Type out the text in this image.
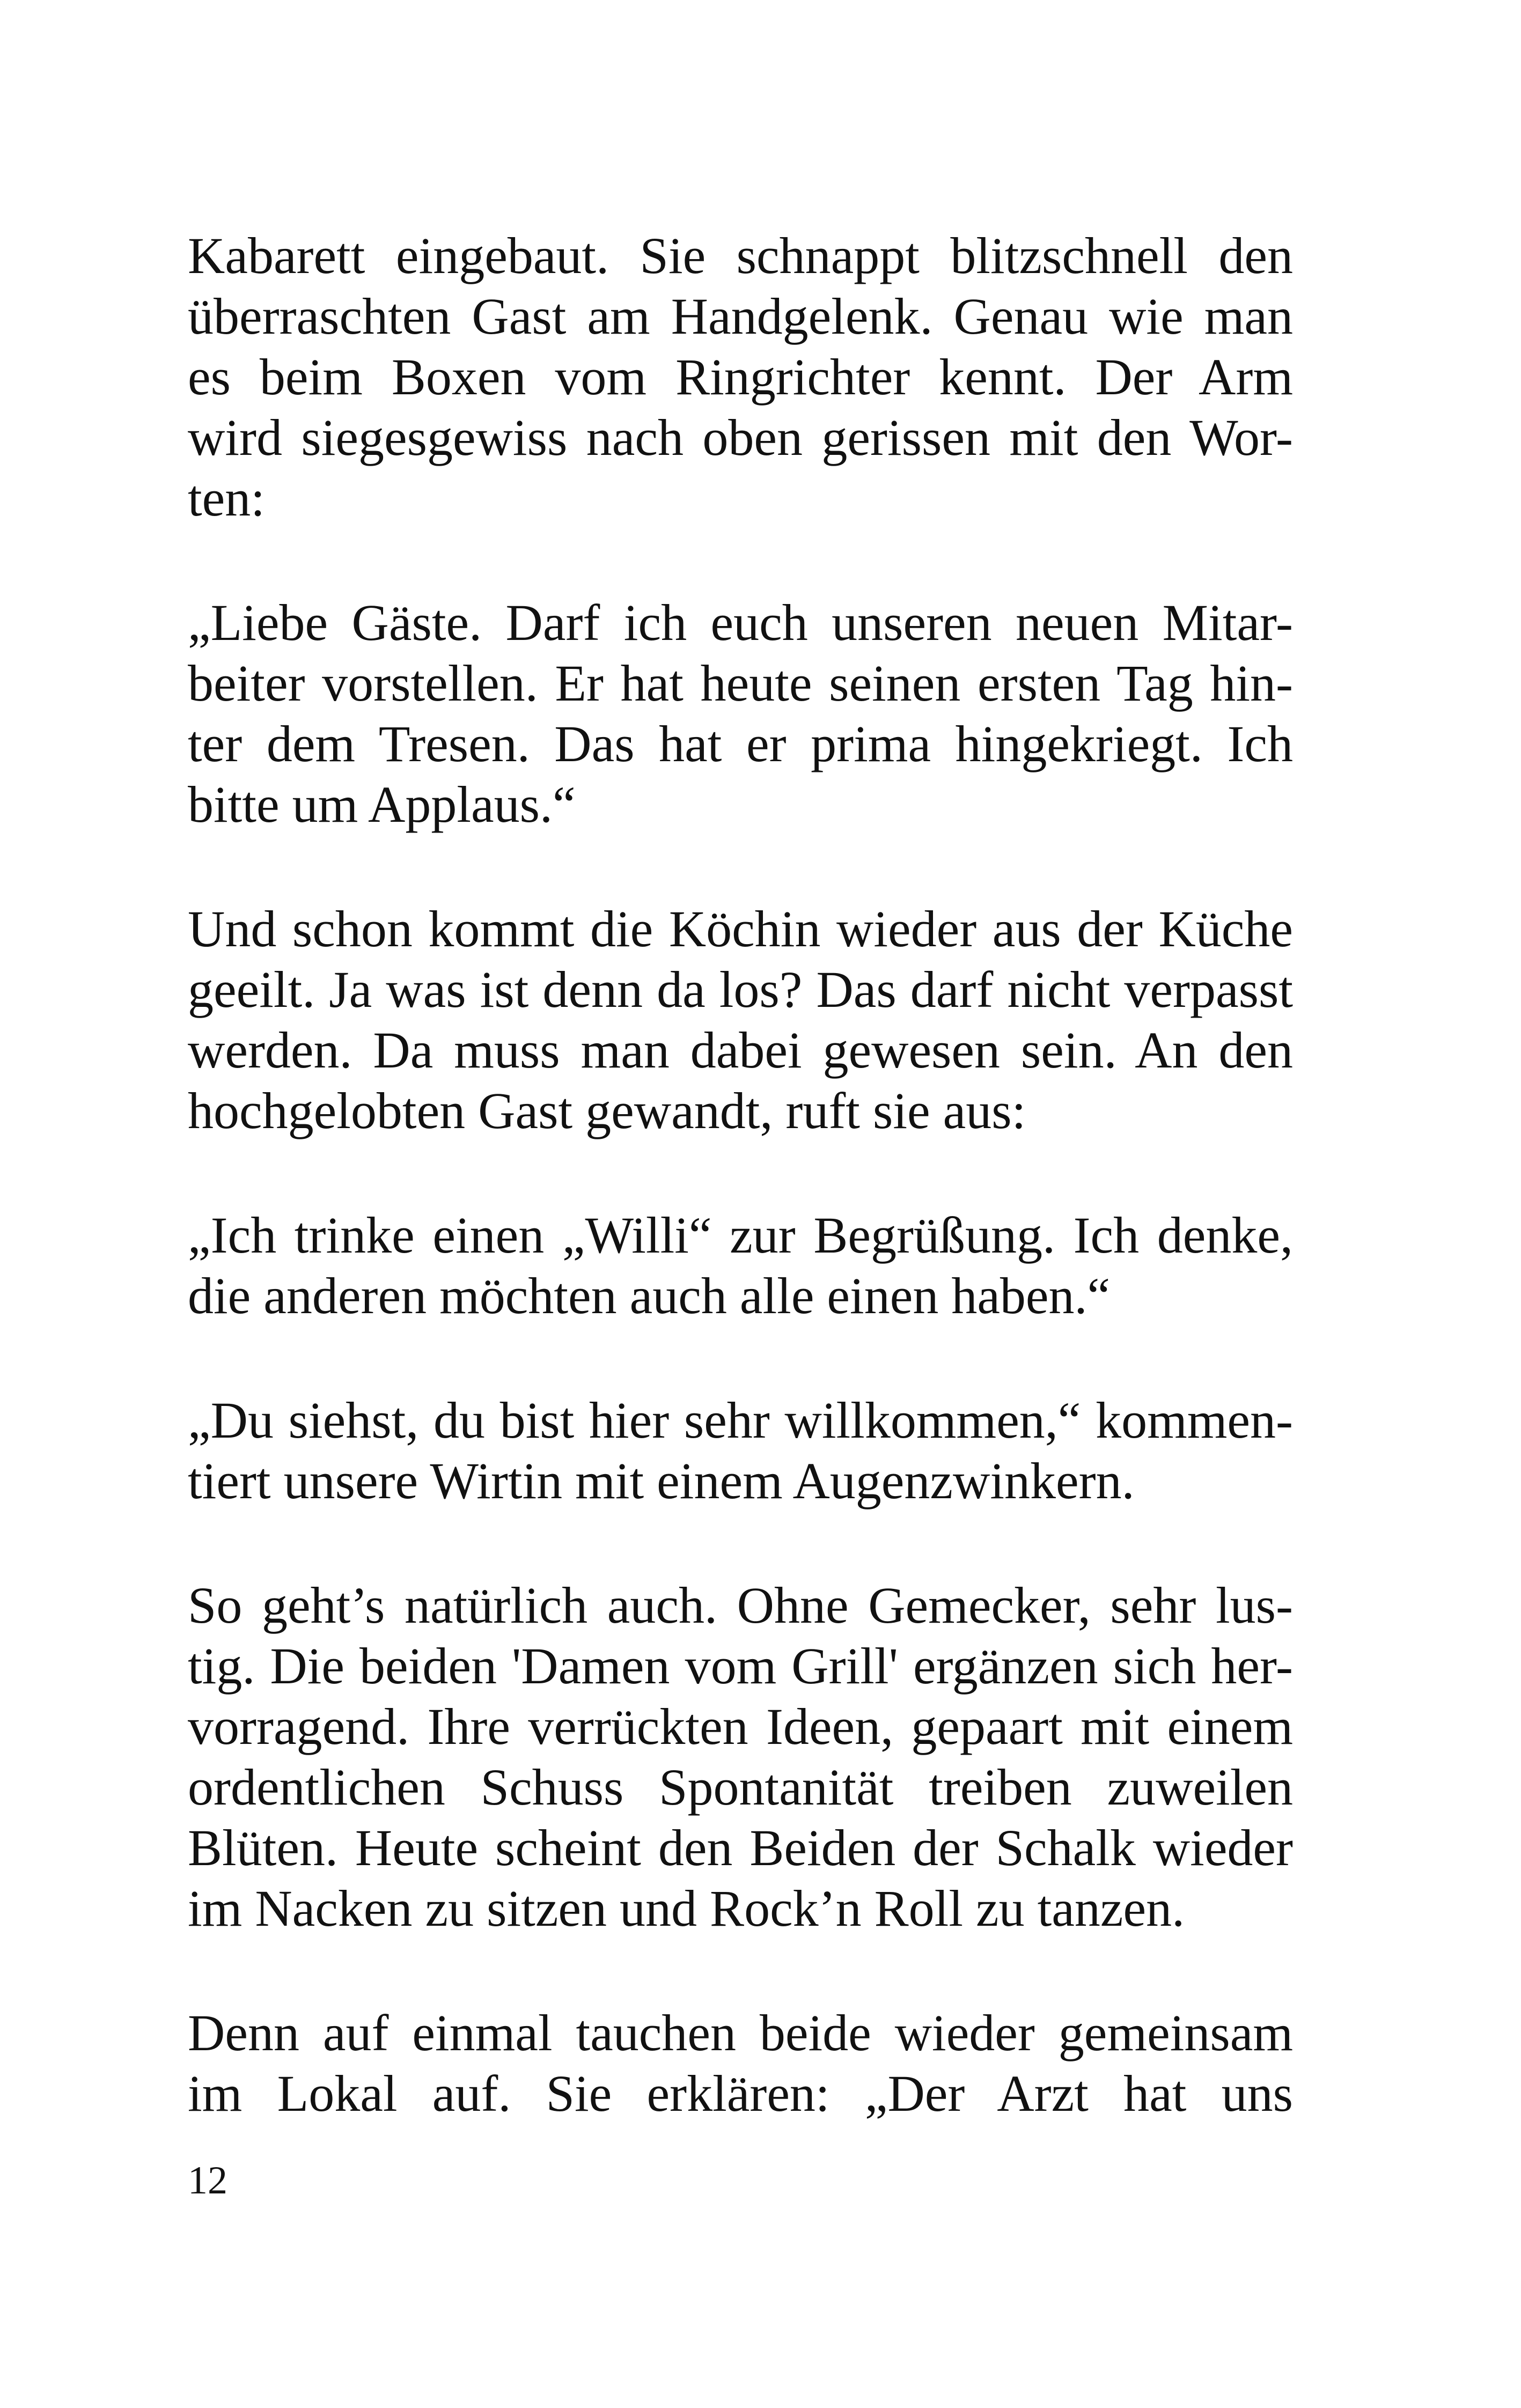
Kabarett eingebaut. Sie schnappt blitzschnell den
überraschten Gast am Handgelenk. Genau wie man
es beim Boxen vom Ringrichter kennt. Der Arm
wird siegesgewiss nach oben gerissen mit den Wor-
ten:

„Liebe Gäste. Darf ich euch unseren neuen Mitar-
beiter vorstellen. Er hat heute seinen ersten Tag hin-
ter dem Tresen. Das hat er prima hingekriegt. Ich
bitte um Applaus.“

Und schon kommt die Köchin wieder aus der Küche
geeilt. Ja was ist denn da los? Das darf nicht verpasst
werden. Da muss man dabei gewesen sein. An den
hochgelobten Gast gewandt, ruft sie aus:

„Ich trinke einen „Willi“ zur Begrüßung. Ich denke,
die anderen möchten auch alle einen haben.“

„Du siehst, du bist hier sehr willkommen,“ kommen-
tiert unsere Wirtin mit einem Augenzwinkern.

So geht’s natürlich auch. Ohne Gemecker, sehr lus-
tig. Die beiden 'Damen vom Grill' ergänzen sich her-
vorragend. Ihre verrückten Ideen, gepaart mit einem
ordentlichen Schuss Spontanität treiben zuweilen
Blüten. Heute scheint den Beiden der Schalk wieder
im Nacken zu sitzen und Rock’n Roll zu tanzen.

Denn auf einmal tauchen beide wieder gemeinsam
im Lokal auf. Sie erklären: „Der Arzt hat uns

12
